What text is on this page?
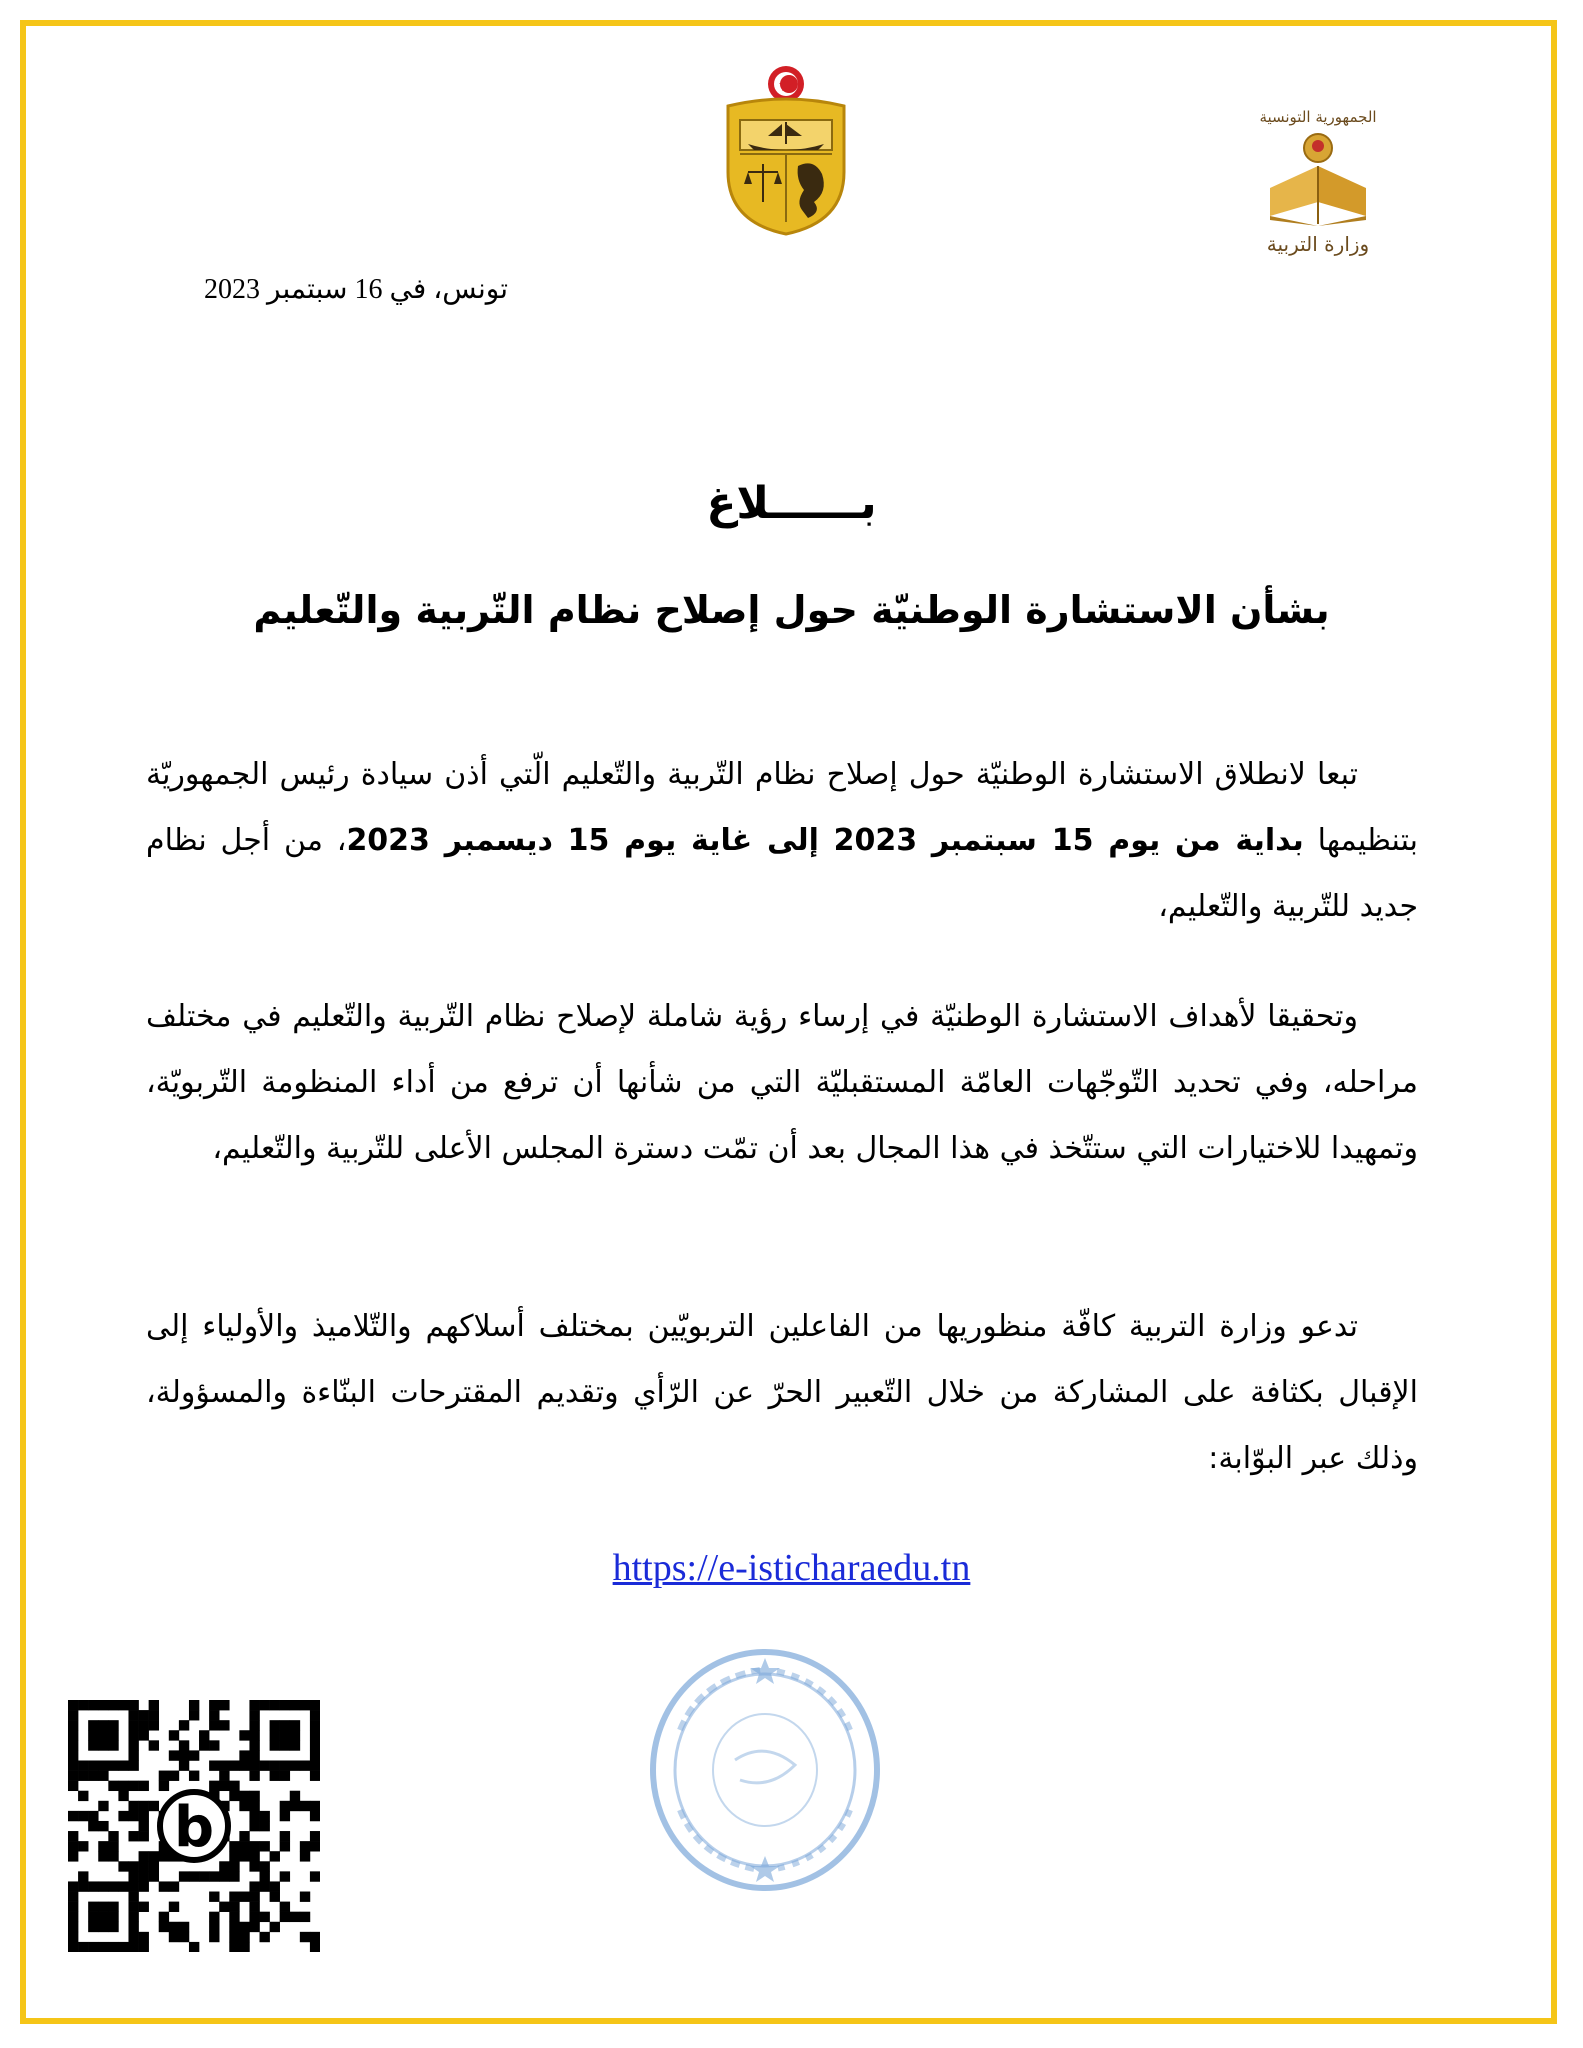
الجمهورية التونسية
وزارة التربية
تونس، في 16 سبتمبر 2023
بــــــلاغ
بشأن الاستشارة الوطنيّة حول إصلاح نظام التّربية والتّعليم
  تبعا لانطلاق الاستشارة الوطنيّة حول إصلاح نظام التّربية والتّعليم الّتي أذن سيادة رئيس الجمهوريّة بتنظيمها بداية من يوم 15 سبتمبر 2023 إلى غاية يوم 15 ديسمبر 2023، من أجل نظام جديد للتّربية والتّعليم،
  وتحقيقا لأهداف الاستشارة الوطنيّة في إرساء رؤية شاملة لإصلاح نظام التّربية والتّعليم في مختلف مراحله، وفي تحديد التّوجّهات العامّة المستقبليّة التي من شأنها أن ترفع من أداء المنظومة التّربويّة، وتمهيدا للاختيارات التي ستتّخذ في هذا المجال بعد أن تمّت دسترة المجلس الأعلى للتّربية والتّعليم،
  تدعو وزارة التربية كافّة منظوريها من الفاعلين التربويّين بمختلف أسلاكهم والتّلاميذ والأولياء إلى الإقبال بكثافة على المشاركة من خلال التّعبير الحرّ عن الرّأي وتقديم المقترحات البنّاءة والمسؤولة، وذلك عبر البوّابة:
https://e-isticharaedu.tn
b
